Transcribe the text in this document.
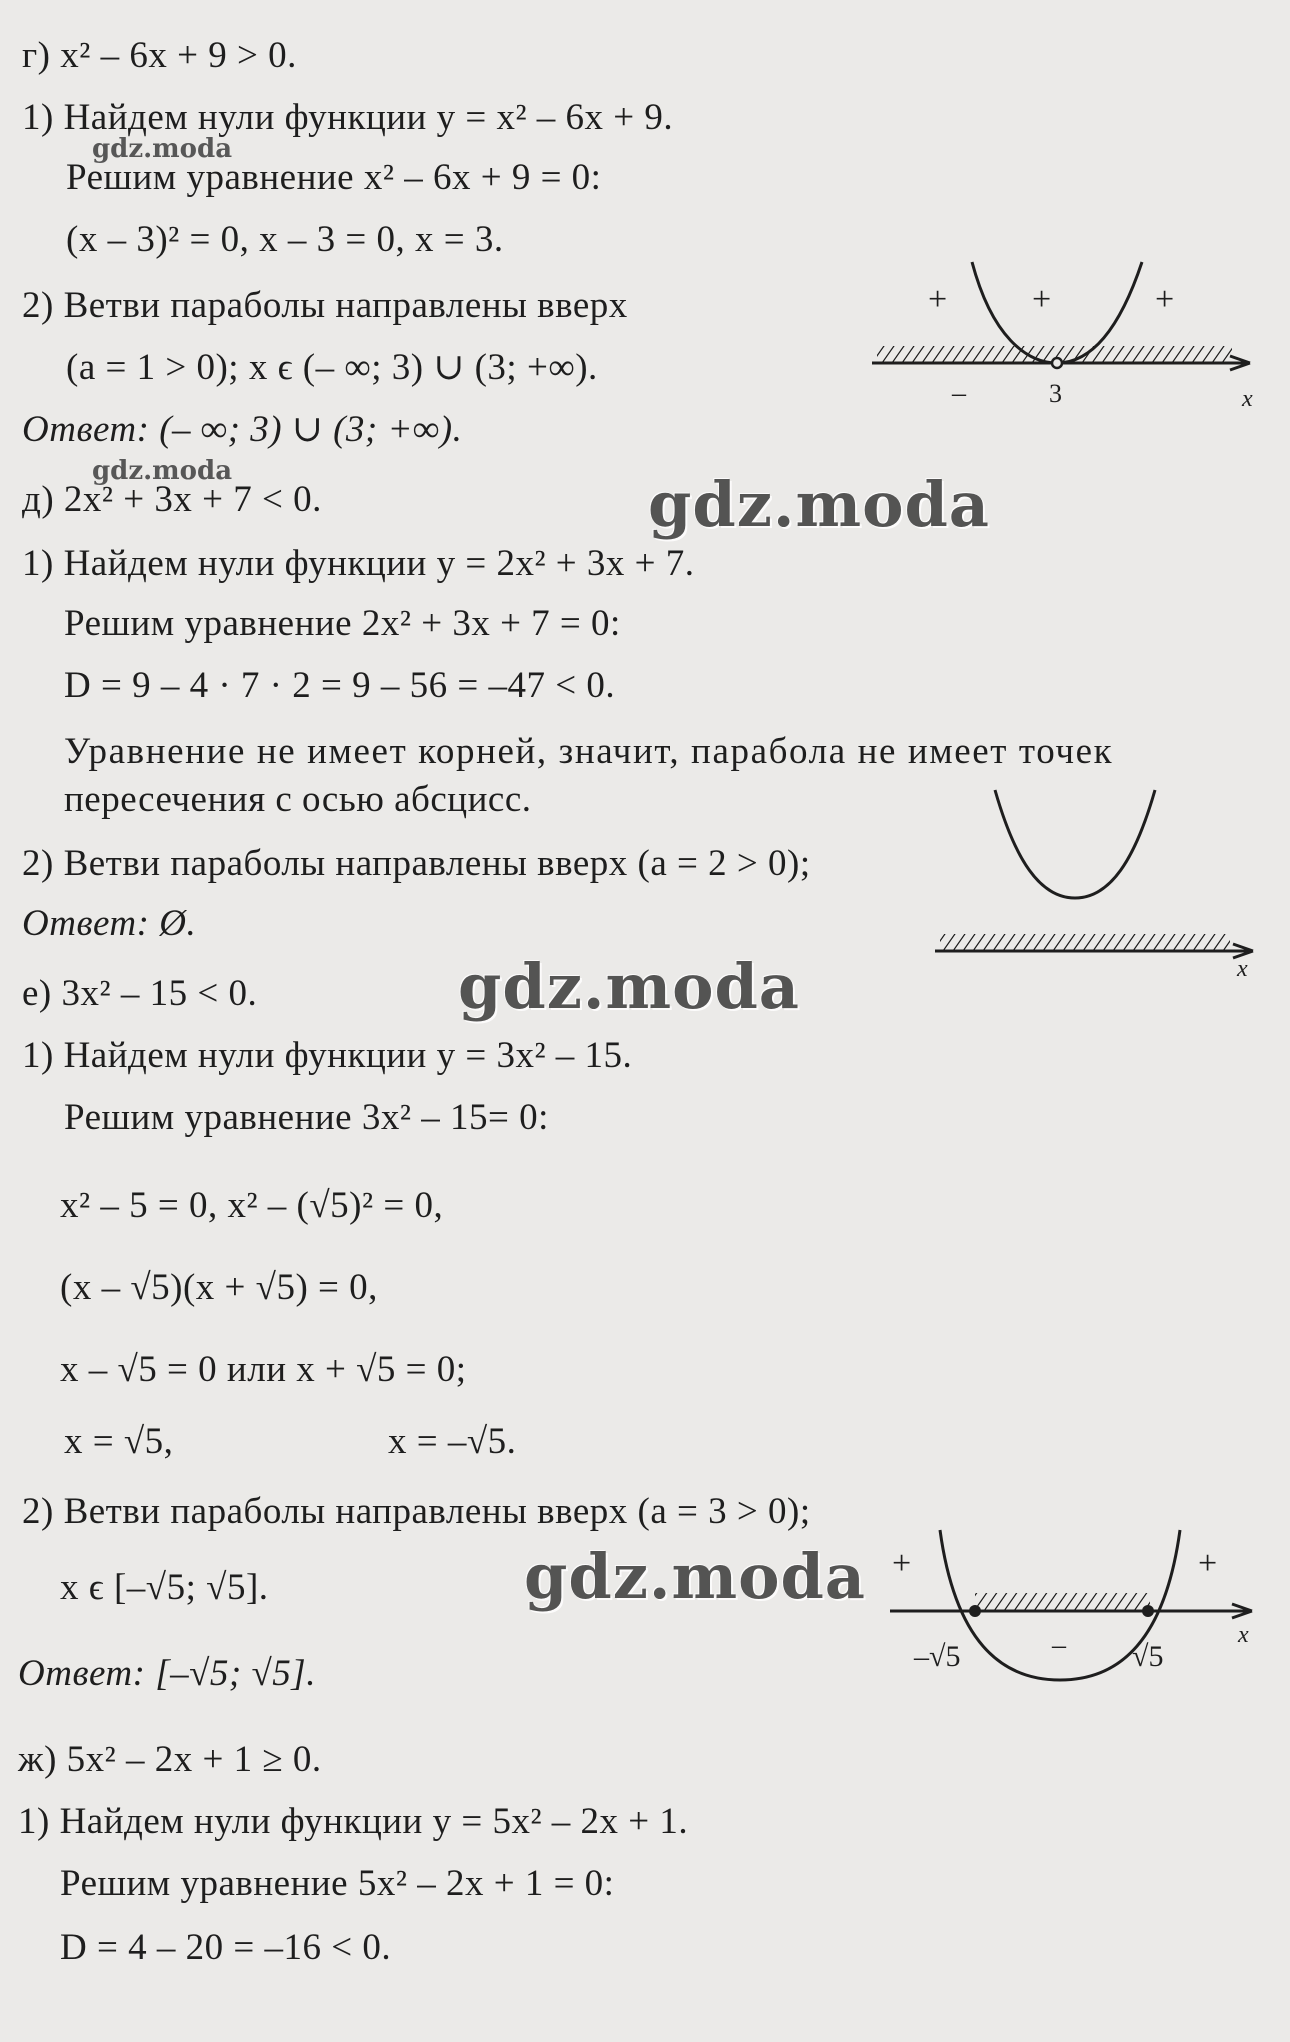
г) x² – 6x + 9 > 0.
1) Найдем нули функции y = x² – 6x + 9.
Решим уравнение x² – 6x + 9 = 0:
(x – 3)² = 0, x – 3 = 0, x = 3.
2) Ветви параболы направлены вверх
(a = 1 > 0); x ϵ (– ∞; 3) ∪ (3; +∞).
Ответ: (– ∞; 3) ∪ (3; +∞).
д) 2x² + 3x + 7 < 0.
1) Найдем нули функции y = 2x² + 3x + 7.
Решим уравнение 2x² + 3x + 7 = 0:
D = 9 – 4 · 7 · 2 = 9 – 56 = –47 < 0.
Уравнение не имеет корней, значит, парабола не имеет точек
пересечения с осью абсцисс.
2) Ветви параболы направлены вверх (a = 2 > 0);
Ответ: Ø.
е) 3x² – 15 < 0.
1) Найдем нули функции y = 3x² – 15.
Решим уравнение 3x² – 15= 0:
x² – 5 = 0, x² – (√5)² = 0,
(x – √5)(x + √5) = 0,
x – √5 = 0 или x + √5 = 0;
x = √5,	x = –√5.
2) Ветви параболы направлены вверх (a = 3 > 0);
x ϵ [–√5; √5].
Ответ: [–√5; √5].
ж) 5x² – 2x + 1 ≥ 0.
1) Найдем нули функции y = 5x² – 2x + 1.
Решим уравнение 5x² – 2x + 1 = 0:
D = 4 – 20 = –16 < 0.
gdz.moda
gdz.moda	gdz.moda
gdz.moda
gdz.moda
+ +	+
–	3	x
x
+	+
–
–√5	√5
x
